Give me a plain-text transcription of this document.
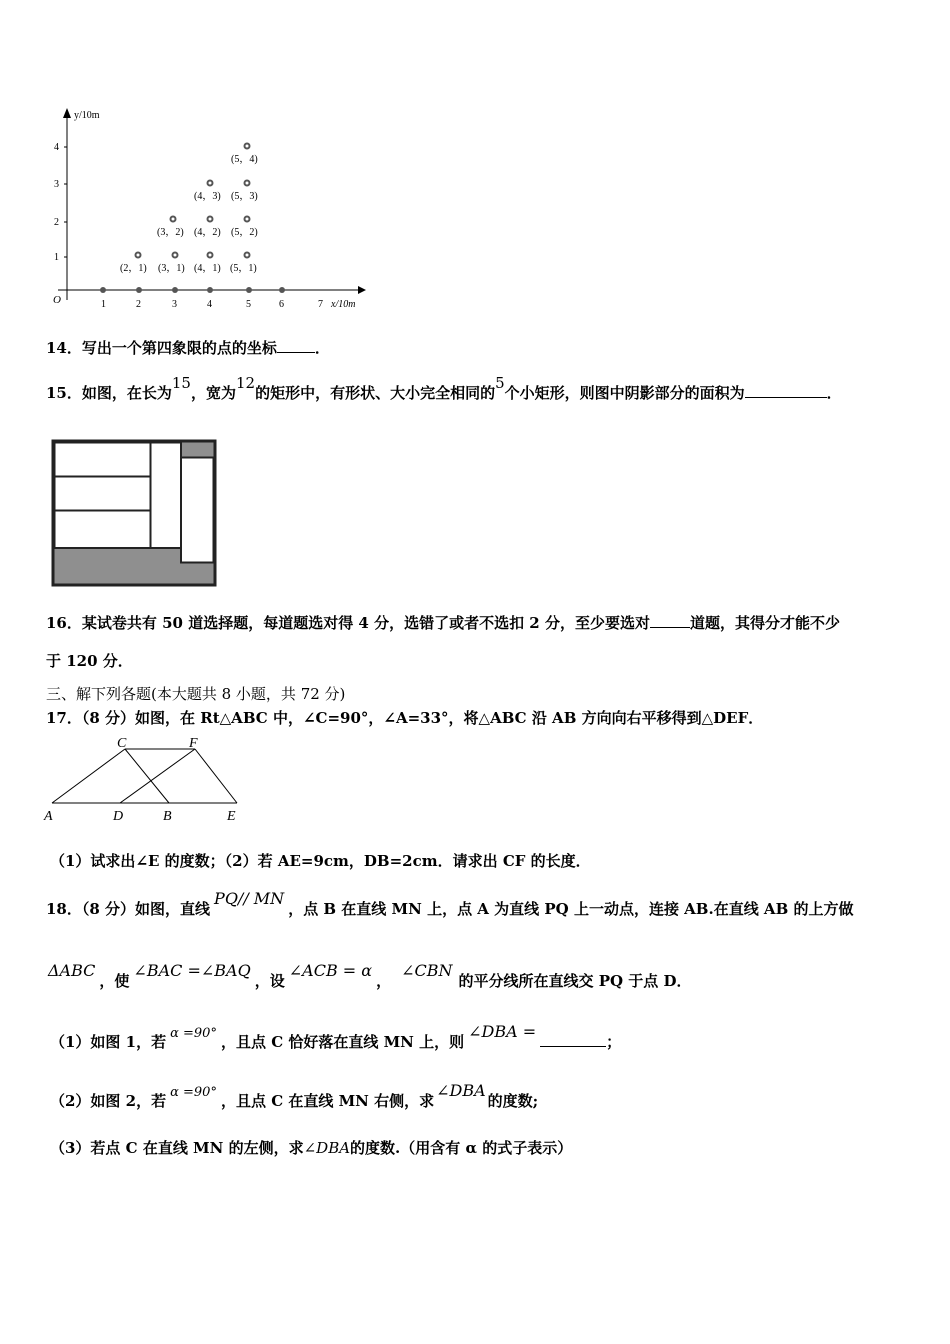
y/10m
x/10m
O
1
2
3
4
1	2	3	4	5	6	7
(2，1) (3，1) (4，1) (5，1)
(3，2) (4，2) (5，2)
(4，3) (5，3)
(5，4)
14．写出一个第四象限的点的坐标	．
15．如图，在长为15，宽为12的矩形中，有形状、大小完全相同的5个小矩形，则图中阴影部分的面积为	．
16．某试卷共有 50 道选择题，每道题选对得 4 分，选错了或者不选扣 2 分，至少要选对	道题，其得分才能不少
于 120 分．
三、解下列各题(本大题共 8 小题，共 72 分)
17．（8 分）如图，在 Rt△ABC 中，∠C=90°，∠A=33°，将△ABC 沿 AB 方向向右平移得到△DEF．
C	F
A	D	B	E
（1）试求出∠E 的度数；（2）若 AE=9cm，DB=2cm．请求出 CF 的长度．
18．（8 分）如图，直线PQ// MN，点 B 在直线 MN 上，点 A 为直线 PQ 上一动点，连接 AB.在直线 AB 的上方做
ΔABC，使∠BAC =∠BAQ，设∠ACB = α，∠CBN的平分线所在直线交 PQ 于点 D．
（1）如图 1，若 α =90° ，且点 C 恰好落在直线 MN 上，则∠DBA =；
（2）如图 2，若 α =90° ，且点 C 在直线 MN 右侧，求∠DBA的度数;
（3）若点 C 在直线 MN 的左侧，求∠DBA的度数.（用含有 α 的式子表示）
